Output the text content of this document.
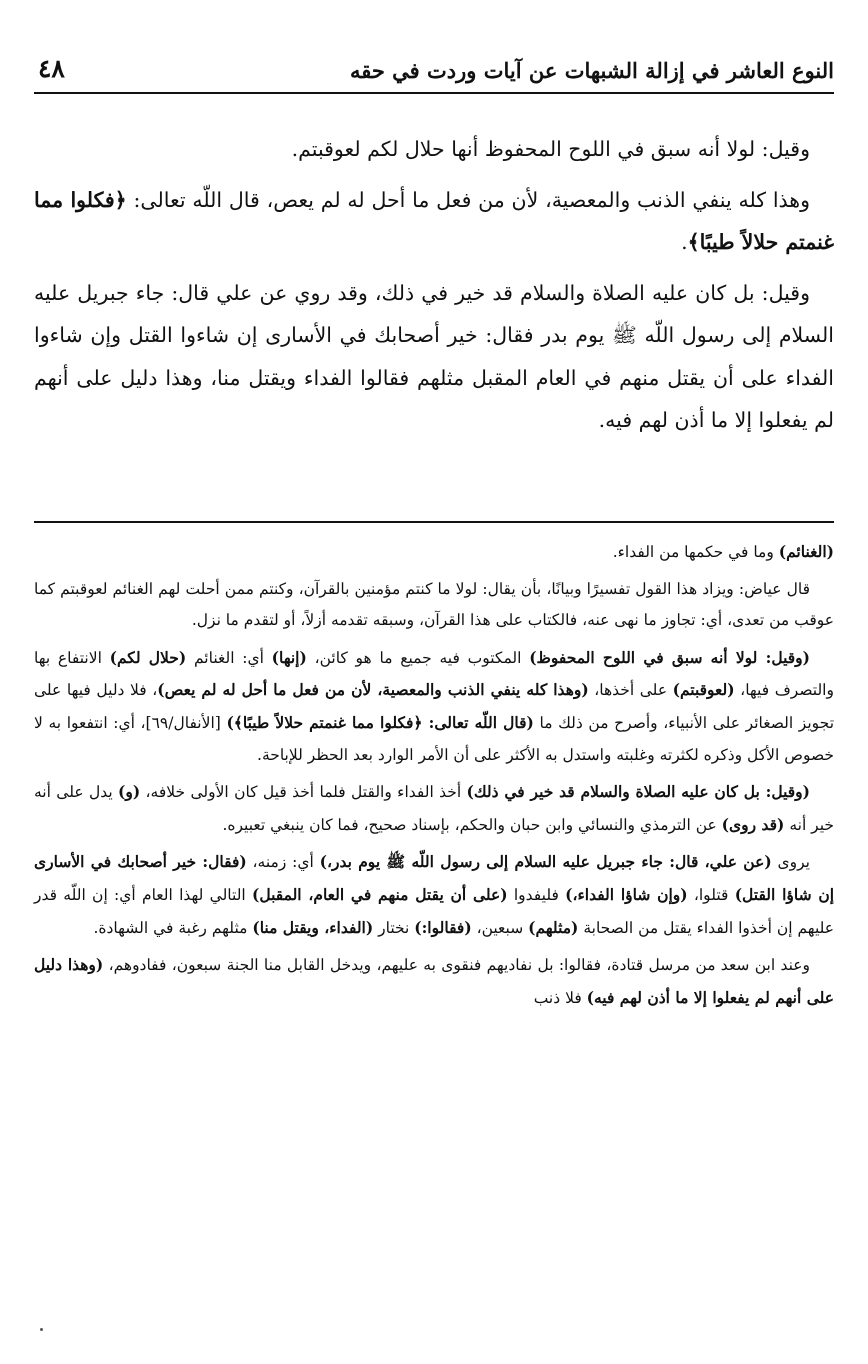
النوع العاشر في إزالة الشبهات عن آيات وردت في حقه
٤٨

وقيل: لولا أنه سبق في اللوح المحفوظ أنها حلال لكم لعوقبتم.

وهذا كله ينفي الذنب والمعصية، لأن من فعل ما أحل له لم يعص، قال اللّه تعالى: ﴿فكلوا مما غنمتم حلالاً طيبًا﴾.

وقيل: بل كان عليه الصلاة والسلام قد خير في ذلك، وقد روي عن علي قال: جاء جبريل عليه السلام إلى رسول اللّه ﷺ يوم بدر فقال: خير أصحابك في الأسارى إن شاءوا القتل وإن شاءوا الفداء على أن يقتل منهم في العام المقبل مثلهم فقالوا الفداء ويقتل منا، وهذا دليل على أنهم لم يفعلوا إلا ما أذن لهم فيه.

(الغنائم) وما في حكمها من الفداء.

قال عياض: ويزاد هذا القول تفسيرًا وبيانًا، بأن يقال: لولا ما كنتم مؤمنين بالقرآن، وكنتم ممن أحلت لهم الغنائم لعوقبتم كما عوقب من تعدى، أي: تجاوز ما نهى عنه، فالكتاب على هذا القرآن، وسبقه تقدمه أزلاً، أو لتقدم ما نزل.

(وقيل: لولا أنه سبق في اللوح المحفوظ) المكتوب فيه جميع ما هو كائن، (إنها) أي: الغنائم (حلال لكم) الانتفاع بها والتصرف فيها، (لعوقبتم) على أخذها، (وهذا كله ينفي الذنب والمعصية، لأن من فعل ما أحل له لم يعص)، فلا دليل فيها على تجويز الصغائر على الأنبياء، وأصرح من ذلك ما (قال اللّه تعالى: ﴿فكلوا مما غنمتم حلالاً طيبًا﴾) [الأنفال/٦٩]، أي: انتفعوا به لا خصوص الأكل وذكره لكثرته وغلبته واستدل به الأكثر على أن الأمر الوارد بعد الحظر للإباحة.

(وقيل: بل كان عليه الصلاة والسلام قد خير في ذلك) أخذ الفداء والقتل فلما أخذ قيل كان الأولى خلافه، (و) يدل على أنه خير أنه (قد روى) عن الترمذي والنسائي وابن حبان والحكم، بإسناد صحيح، فما كان ينبغي تعبيره.

يروى (عن علي، قال: جاء جبريل عليه السلام إلى رسول اللّه ﷺ يوم بدر،) أي: زمنه، (فقال: خير أصحابك في الأسارى إن شاؤا القتل) قتلوا، (وإن شاؤا الفداء،) فليفدوا (على أن يقتل منهم في العام، المقبل) التالي لهذا العام أي: إن اللّه قدر عليهم إن أخذوا الفداء يقتل من الصحابة (مثلهم) سبعين، (فقالوا:) نختار (الفداء، ويقتل منا) مثلهم رغبة في الشهادة.

وعند ابن سعد من مرسل قتادة، فقالوا: بل نفاديهم فنقوى به عليهم، ويدخل القابل منا الجنة سبعون، ففادوهم، (وهذا دليل على أنهم لم يفعلوا إلا ما أذن لهم فيه) فلا ذنب
